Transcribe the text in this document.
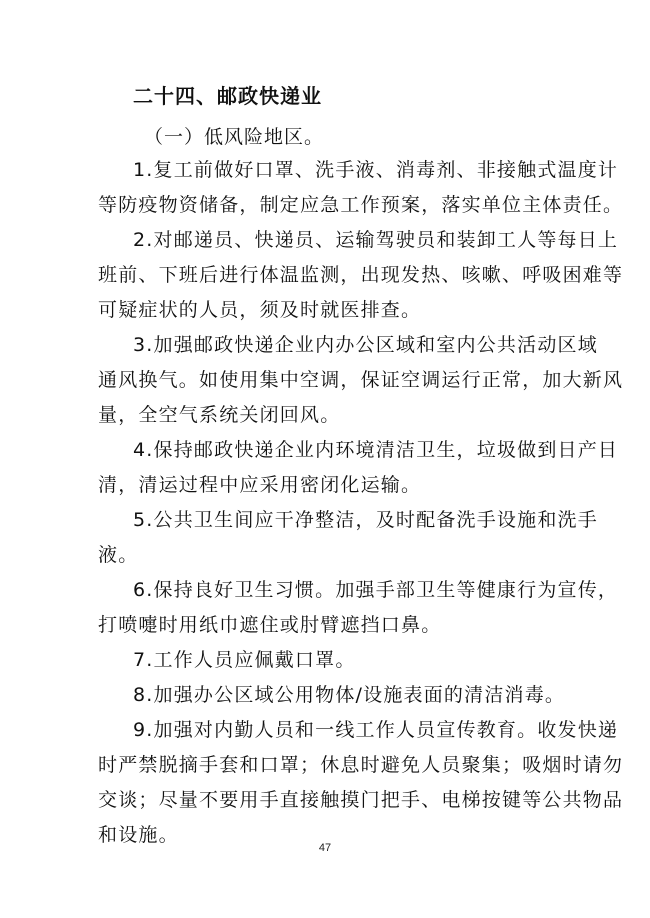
二十四、邮政快递业
（一）低风险地区。
1.复工前做好口罩、洗手液、消毒剂、非接触式温度计
等防疫物资储备，制定应急工作预案，落实单位主体责任。
2.对邮递员、快递员、运输驾驶员和装卸工人等每日上
班前、下班后进行体温监测，出现发热、咳嗽、呼吸困难等
可疑症状的人员，须及时就医排查。
3.加强邮政快递企业内办公区域和室内公共活动区域
通风换气。如使用集中空调，保证空调运行正常，加大新风
量，全空气系统关闭回风。
4.保持邮政快递企业内环境清洁卫生，垃圾做到日产日
清，清运过程中应采用密闭化运输。
5.公共卫生间应干净整洁，及时配备洗手设施和洗手
液。
6.保持良好卫生习惯。加强手部卫生等健康行为宣传，
打喷嚏时用纸巾遮住或肘臂遮挡口鼻。
7.工作人员应佩戴口罩。
8.加强办公区域公用物体/设施表面的清洁消毒。
9.加强对内勤人员和一线工作人员宣传教育。收发快递
时严禁脱摘手套和口罩；休息时避免人员聚集；吸烟时请勿
交谈；尽量不要用手直接触摸门把手、电梯按键等公共物品
和设施。
47
